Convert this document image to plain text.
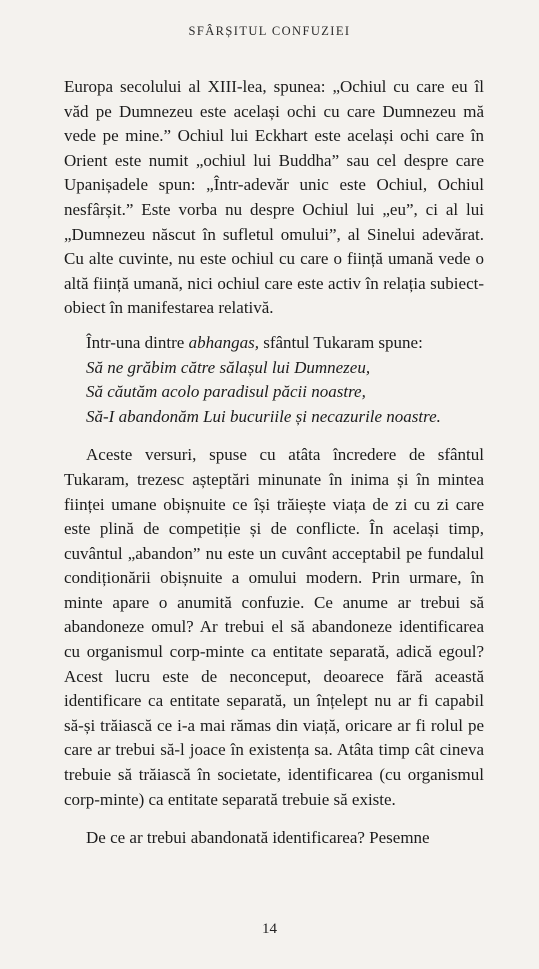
SFÂRȘITUL CONFUZIEI

Europa secolului al XIII-lea, spunea: „Ochiul cu care eu îl văd pe Dumnezeu este același ochi cu care Dumnezeu mă vede pe mine.” Ochiul lui Eckhart este același ochi care în Orient este numit „ochiul lui Buddha” sau cel despre care Upanișadele spun: „Într-adevăr unic este Ochiul, Ochiul nesfârșit.” Este vorba nu despre Ochiul lui „eu”, ci al lui „Dumnezeu născut în sufletul omului”, al Sinelui adevărat. Cu alte cuvinte, nu este ochiul cu care o ființă umană vede o altă ființă umană, nici ochiul care este activ în relația subiect-obiect în manifestarea relativă.

Într-una dintre abhangas, sfântul Tukaram spune:

Să ne grăbim către sălașul lui Dumnezeu,
Să căutăm acolo paradisul păcii noastre,
Să-I abandonăm Lui bucuriile și necazurile noastre.

Aceste versuri, spuse cu atâta încredere de sfântul Tukaram, trezesc așteptări minunate în inima și în mintea ființei umane obișnuite ce își trăiește viața de zi cu zi care este plină de competiție și de conflicte. În același timp, cuvântul „abandon” nu este un cuvânt acceptabil pe fundalul condiționării obișnuite a omului modern. Prin urmare, în minte apare o anumită confuzie. Ce anume ar trebui să abandoneze omul? Ar trebui el să abandoneze identificarea cu organismul corp-minte ca entitate separată, adică egoul? Acest lucru este de neconceput, deoarece fără această identificare ca entitate separată, un înțelept nu ar fi capabil să-și trăiască ce i-a mai rămas din viață, oricare ar fi rolul pe care ar trebui să-l joace în existența sa. Atâta timp cât cineva trebuie să trăiască în societate, identificarea (cu organismul corp-minte) ca entitate separată trebuie să existe.

De ce ar trebui abandonată identificarea? Pesemne

14
